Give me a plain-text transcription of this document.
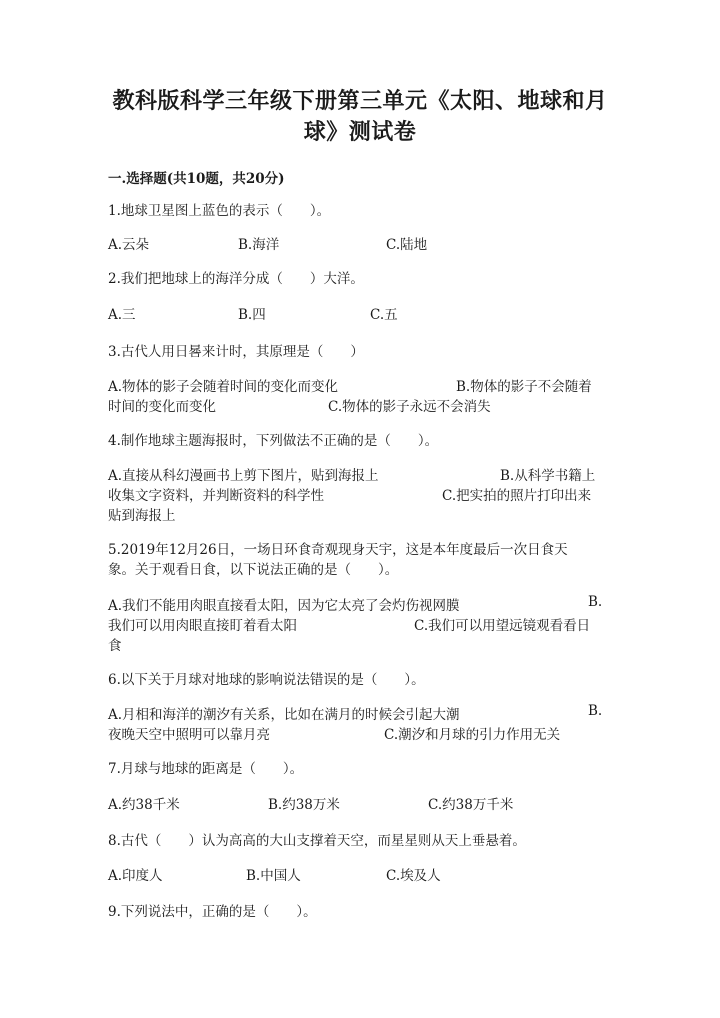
教科版科学三年级下册第三单元《太阳、地球和月
球》测试卷
一.选择题(共10题，共20分)
1.地球卫星图上蓝色的表示（　　）。
A.云朵	B.海洋	C.陆地
2.我们把地球上的海洋分成（　　）大洋。
A.三	B.四	C.五
3.古代人用日晷来计时，其原理是（　　）
A.物体的影子会随着时间的变化而变化	B.物体的影子不会随着
时间的变化而变化	C.物体的影子永远不会消失
4.制作地球主题海报时，下列做法不正确的是（　　）。
A.直接从科幻漫画书上剪下图片，贴到海报上	B.从科学书籍上
收集文字资料，并判断资料的科学性	C.把实拍的照片打印出来
贴到海报上
5.2019年12月26日，一场日环食奇观现身天宇，这是本年度最后一次日食天
象。关于观看日食，以下说法正确的是（　　）。
A.我们不能用肉眼直接看太阳，因为它太亮了会灼伤视网膜	B.
我们可以用肉眼直接盯着看太阳	C.我们可以用望远镜观看看日
食
6.以下关于月球对地球的影响说法错误的是（　　）。
A.月相和海洋的潮汐有关系，比如在满月的时候会引起大潮	B.
夜晚天空中照明可以靠月亮	C.潮汐和月球的引力作用无关
7.月球与地球的距离是（　　）。
A.约38千米	B.约38万米	C.约38万千米
8.古代（　　）认为高高的大山支撑着天空，而星星则从天上垂悬着。
A.印度人	B.中国人	C.埃及人
9.下列说法中，正确的是（　　）。
